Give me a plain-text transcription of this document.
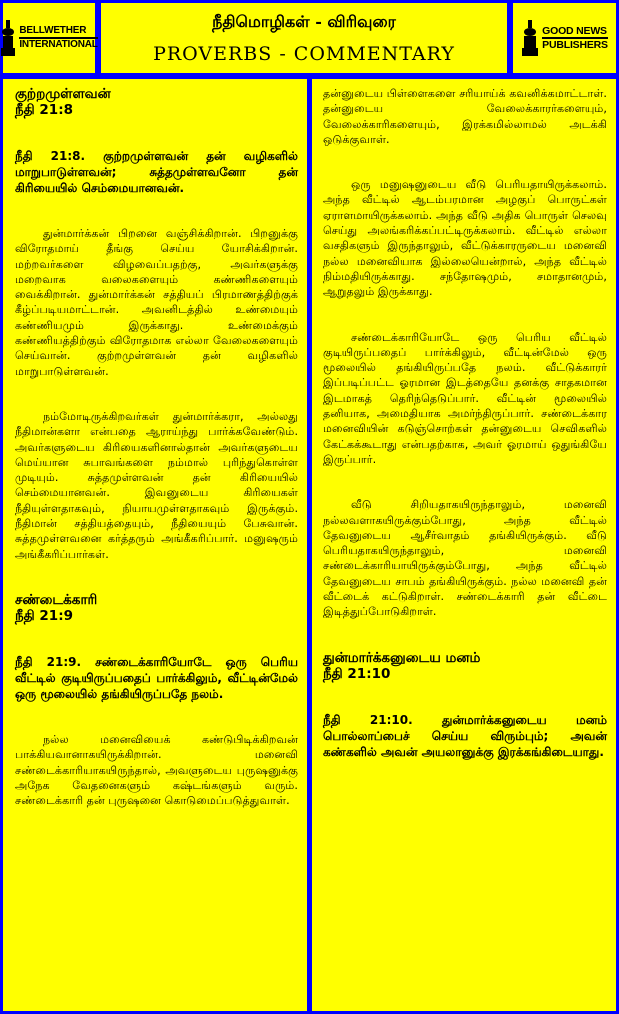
BELLWETHER
INTERNATIONAL
நீதிமொழிகள் - விரிவுரை
PROVERBS - COMMENTARY
GOOD NEWS
PUBLISHERS
குற்றமுள்ளவன்
நீதி 21:8
நீதி 21:8. குற்றமுள்ளவன் தன் வழிகளில் மாறுபாடுள்ளவன்; சுத்தமுள்ளவனோ தன் கிரியையில் செம்மையானவன்.

துன்மார்க்கன் பிறனை வஞ்சிக்கிறான். பிறனுக்கு விரோதமாய் தீங்கு செய்ய யோசிக்கிறான். மற்றவர்களை விழவைப்பதற்கு, அவர்களுக்கு மறைவாக வலைகளையும் கண்ணிகளையும் வைக்கிறான். துன்மார்க்கன் சத்தியப் பிரமாணத்திற்குக் கீழ்ப்படியமாட்டான். அவனிடத்தில் உண்மையும் கண்ணியமும் இருக்காது. உண்மைக்கும் கண்ணியத்திற்கும் விரோதமாக எல்லா வேலைகளையும் செய்வான். குற்றமுள்ளவன் தன் வழிகளில் மாறுபாடுள்ளவன்.

நம்மோடிருக்கிறவர்கள் துன்மார்க்கரா, அல்லது நீதிமான்களா என்பதை ஆராய்ந்து பார்க்கவேண்டும். அவர்களுடைய கிரியைகளினால்தான் அவர்களுடைய மெய்யான சுபாவங்களை நம்மால் புரிந்துகொள்ள முடியும். சுத்தமுள்ளவன் தன் கிரியையில் செம்மையானவன். இவனுடைய கிரியைகள் நீதியுள்ளதாகவும், நியாயமுள்ளதாகவும் இருக்கும். நீதிமான் சத்தியத்தையும், நீதியையும் பேசுவான். சுத்தமுள்ளவனை கர்த்தரும் அங்கீகரிப்பார். மனுஷரும் அங்கீகரிப்பார்கள்.

சண்டைக்காரி
நீதி 21:9
நீதி 21:9. சண்டைக்காரியோடே ஒரு பெரிய வீட்டில் குடியிருப்பதைப் பார்க்கிலும், வீட்டின்மேல் ஒரு மூலையில் தங்கியிருப்பதே நலம்.

நல்ல மனைவியைக் கண்டுபிடிக்கிறவன் பாக்கியவானாகயிருக்கிறான். மனைவி சண்டைக்காரியாகயிருந்தால், அவளுடைய புருஷனுக்கு அநேக வேதனைகளும் கஷ்டங்களும் வரும். சண்டைக்காரி தன் புருஷனை கொடுமைப்படுத்துவாள்.

தன்னுடைய பிள்ளைகளை சரியாய்க் கவனிக்கமாட்டாள். தன்னுடைய வேலைக்காரர்களையும், வேலைக்காரிகளையும், இரக்கமில்லாமல் அடக்கி ஒடுக்குவாள்.

ஒரு மனுஷனுடைய வீடு பெரியதாயிருக்கலாம். அந்த வீட்டில் ஆடம்பரமான அழகுப் பொருட்கள் ஏராளமாயிருக்கலாம். அந்த வீடு அதிக பொருள் செலவு செய்து அலங்கரிக்கப்பட்டிருக்கலாம். வீட்டில் எல்லா வசதிகளும் இருந்தாலும், வீட்டுக்காரருடைய மனைவி நல்ல மனைவியாக இல்லையென்றால், அந்த வீட்டில் நிம்மதியிருக்காது. சந்தோஷமும், சமாதானமும், ஆறுதலும் இருக்காது.

சண்டைக்காரியோடே ஒரு பெரிய வீட்டில் குடியிருப்பதைப் பார்க்கிலும், வீட்டின்மேல் ஒரு மூலையில் தங்கியிருப்பதே நலம். வீட்டுக்காரர் இப்படிப்பட்ட ஓரமான இடத்தையே தனக்கு சாதகமான இடமாகத் தெரிந்தெடுப்பார். வீட்டின் மூலையில் தனியாக, அமைதியாக அமர்ந்திருப்பார். சண்டைக்கார மனைவியின் கடுஞ்சொற்கள் தன்னுடைய செவிகளில் கேட்கக்கூடாது என்பதற்காக, அவர் ஓரமாய் ஒதுங்கியே இருப்பார்.

வீடு சிறியதாகயிருந்தாலும், மனைவி நல்லவளாகயிருக்கும்போது, அந்த வீட்டில் தேவனுடைய ஆசீர்வாதம் தங்கியிருக்கும். வீடு பெரியதாகயிருந்தாலும், மனைவி சண்டைக்காரியாயிருக்கும்போது, அந்த வீட்டில் தேவனுடைய சாபம் தங்கியிருக்கும். நல்ல மனைவி தன் வீட்டைக் கட்டுகிறாள். சண்டைக்காரி தன் வீட்டை இடித்துப்போடுகிறாள்.

துன்மார்க்கனுடைய மனம்
நீதி 21:10
நீதி 21:10. துன்மார்க்கனுடைய மனம் பொல்லாப்பைச் செய்ய விரும்பும்; அவன் கண்களில் அவன் அயலானுக்கு இரக்கங்கிடையாது.
